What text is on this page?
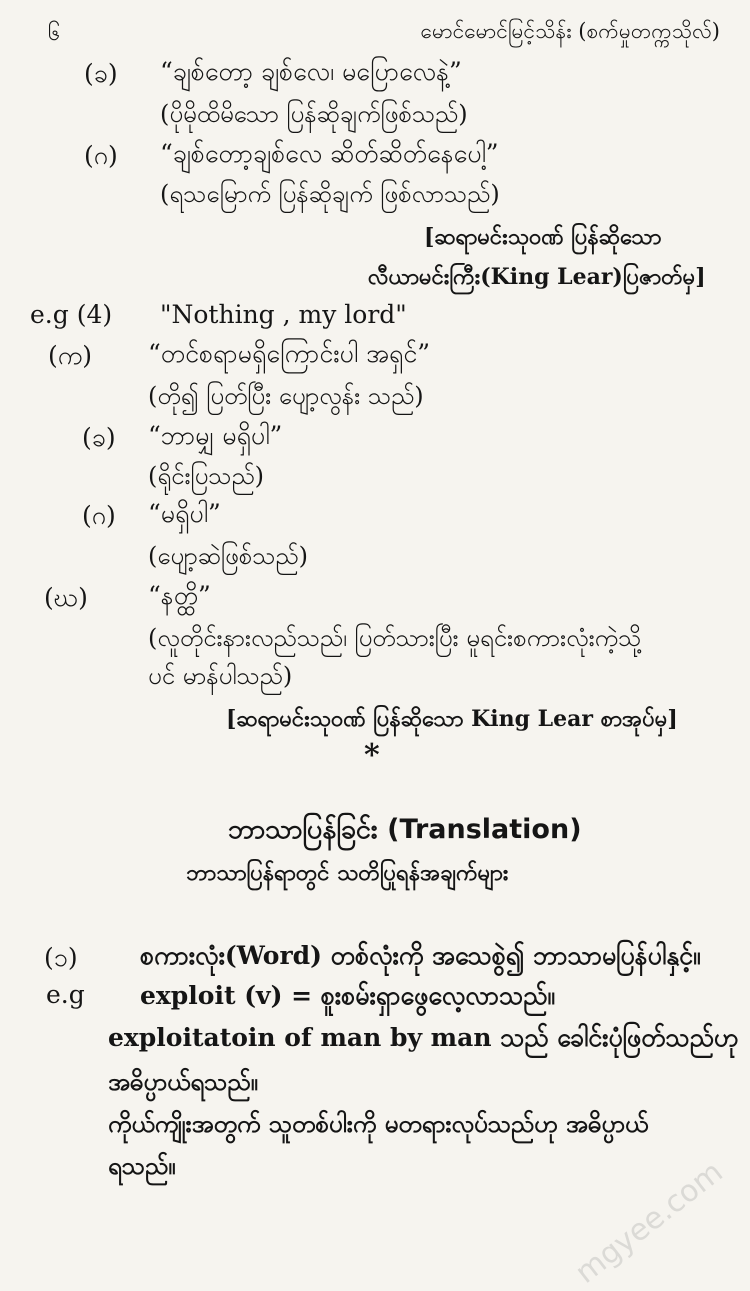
၆	မောင်မောင်မြင့်သိန်း (စက်မှုတက္ကသိုလ်)
(ခ) “ချစ်တော့ ချစ်လေ၊ မပြောလေနဲ့”
(ပိုမိုထိမိသော ပြန်ဆိုချက်ဖြစ်သည်)
(ဂ) “ချစ်တော့ချစ်လေ ဆိတ်ဆိတ်နေပေါ့”
(ရသမြောက် ပြန်ဆိုချက် ဖြစ်လာသည်)
[ဆရာမင်းသုဝဏ် ပြန်ဆိုသော
လီယာမင်းကြီး(King Lear)ပြဇာတ်မှ]
e.g (4) "Nothing , my lord"
(က) “တင်စရာမရှိကြောင်းပါ အရှင်”
(တို၍ ပြတ်ပြီး ပျော့လွန်း သည်)
(ခ) “ဘာမျှ မရှိပါ”
(ရိုင်းပြသည်)
(ဂ) “မရှိပါ”
(ပျော့ဆဲဖြစ်သည်)
(ဃ) “နတ္ထိ”
(လူတိုင်းနားလည်သည်၊ ပြတ်သားပြီး မူရင်းစကားလုံးကဲ့သို့
ပင် မာန်ပါသည်)
[ဆရာမင်းသုဝဏ် ပြန်ဆိုသော King Lear စာအုပ်မှ]
*
ဘာသာပြန်ခြင်း (Translation)
ဘာသာပြန်ရာတွင် သတိပြုရန်အချက်များ
(၁) စကားလုံး(Word) တစ်လုံးကို အသေစွဲ၍ ဘာသာမပြန်ပါနှင့်။
e.g exploit (v) = စူးစမ်းရှာဖွေလေ့လာသည်။
exploitatoin of man by man သည် ခေါင်းပုံဖြတ်သည်ဟု
အဓိပ္ပာယ်ရသည်။
ကိုယ်ကျိုးအတွက် သူတစ်ပါးကို မတရားလုပ်သည်ဟု အဓိပ္ပာယ်
ရသည်။	mgyee.com
